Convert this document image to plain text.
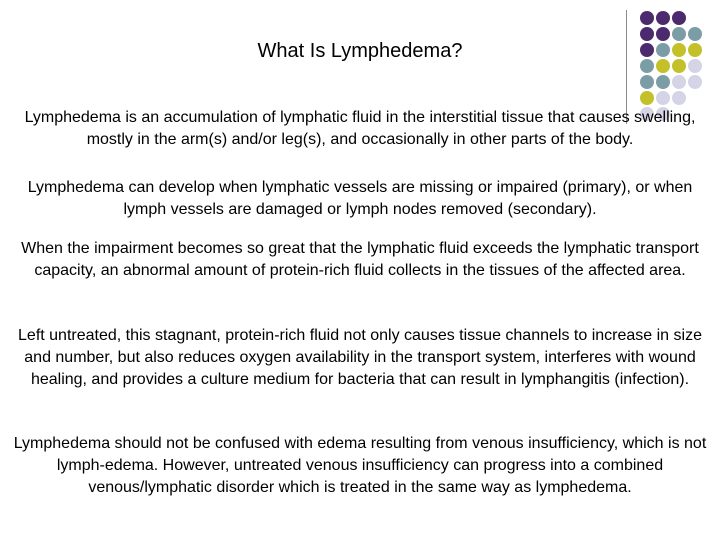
What Is Lymphedema?

Lymphedema is an accumulation of lymphatic fluid in the interstitial tissue that causes swelling, mostly in the arm(s) and/or leg(s), and occasionally in other parts of the body.

Lymphedema can develop when lymphatic vessels are missing or impaired (primary), or when lymph vessels are damaged or lymph nodes removed (secondary).

When the impairment becomes so great that the lymphatic fluid exceeds the lymphatic transport capacity, an abnormal amount of protein-rich fluid collects in the tissues of the affected area.

Left untreated, this stagnant, protein-rich fluid not only causes tissue channels to increase in size and number, but also reduces oxygen availability in the transport system, interferes with wound healing, and provides a culture medium for bacteria that can result in lymphangitis (infection).

Lymphedema should not be confused with edema resulting from venous insufficiency, which is not lymph-edema. However, untreated venous insufficiency can progress into a combined venous/lymphatic disorder which is treated in the same way as lymphedema.
